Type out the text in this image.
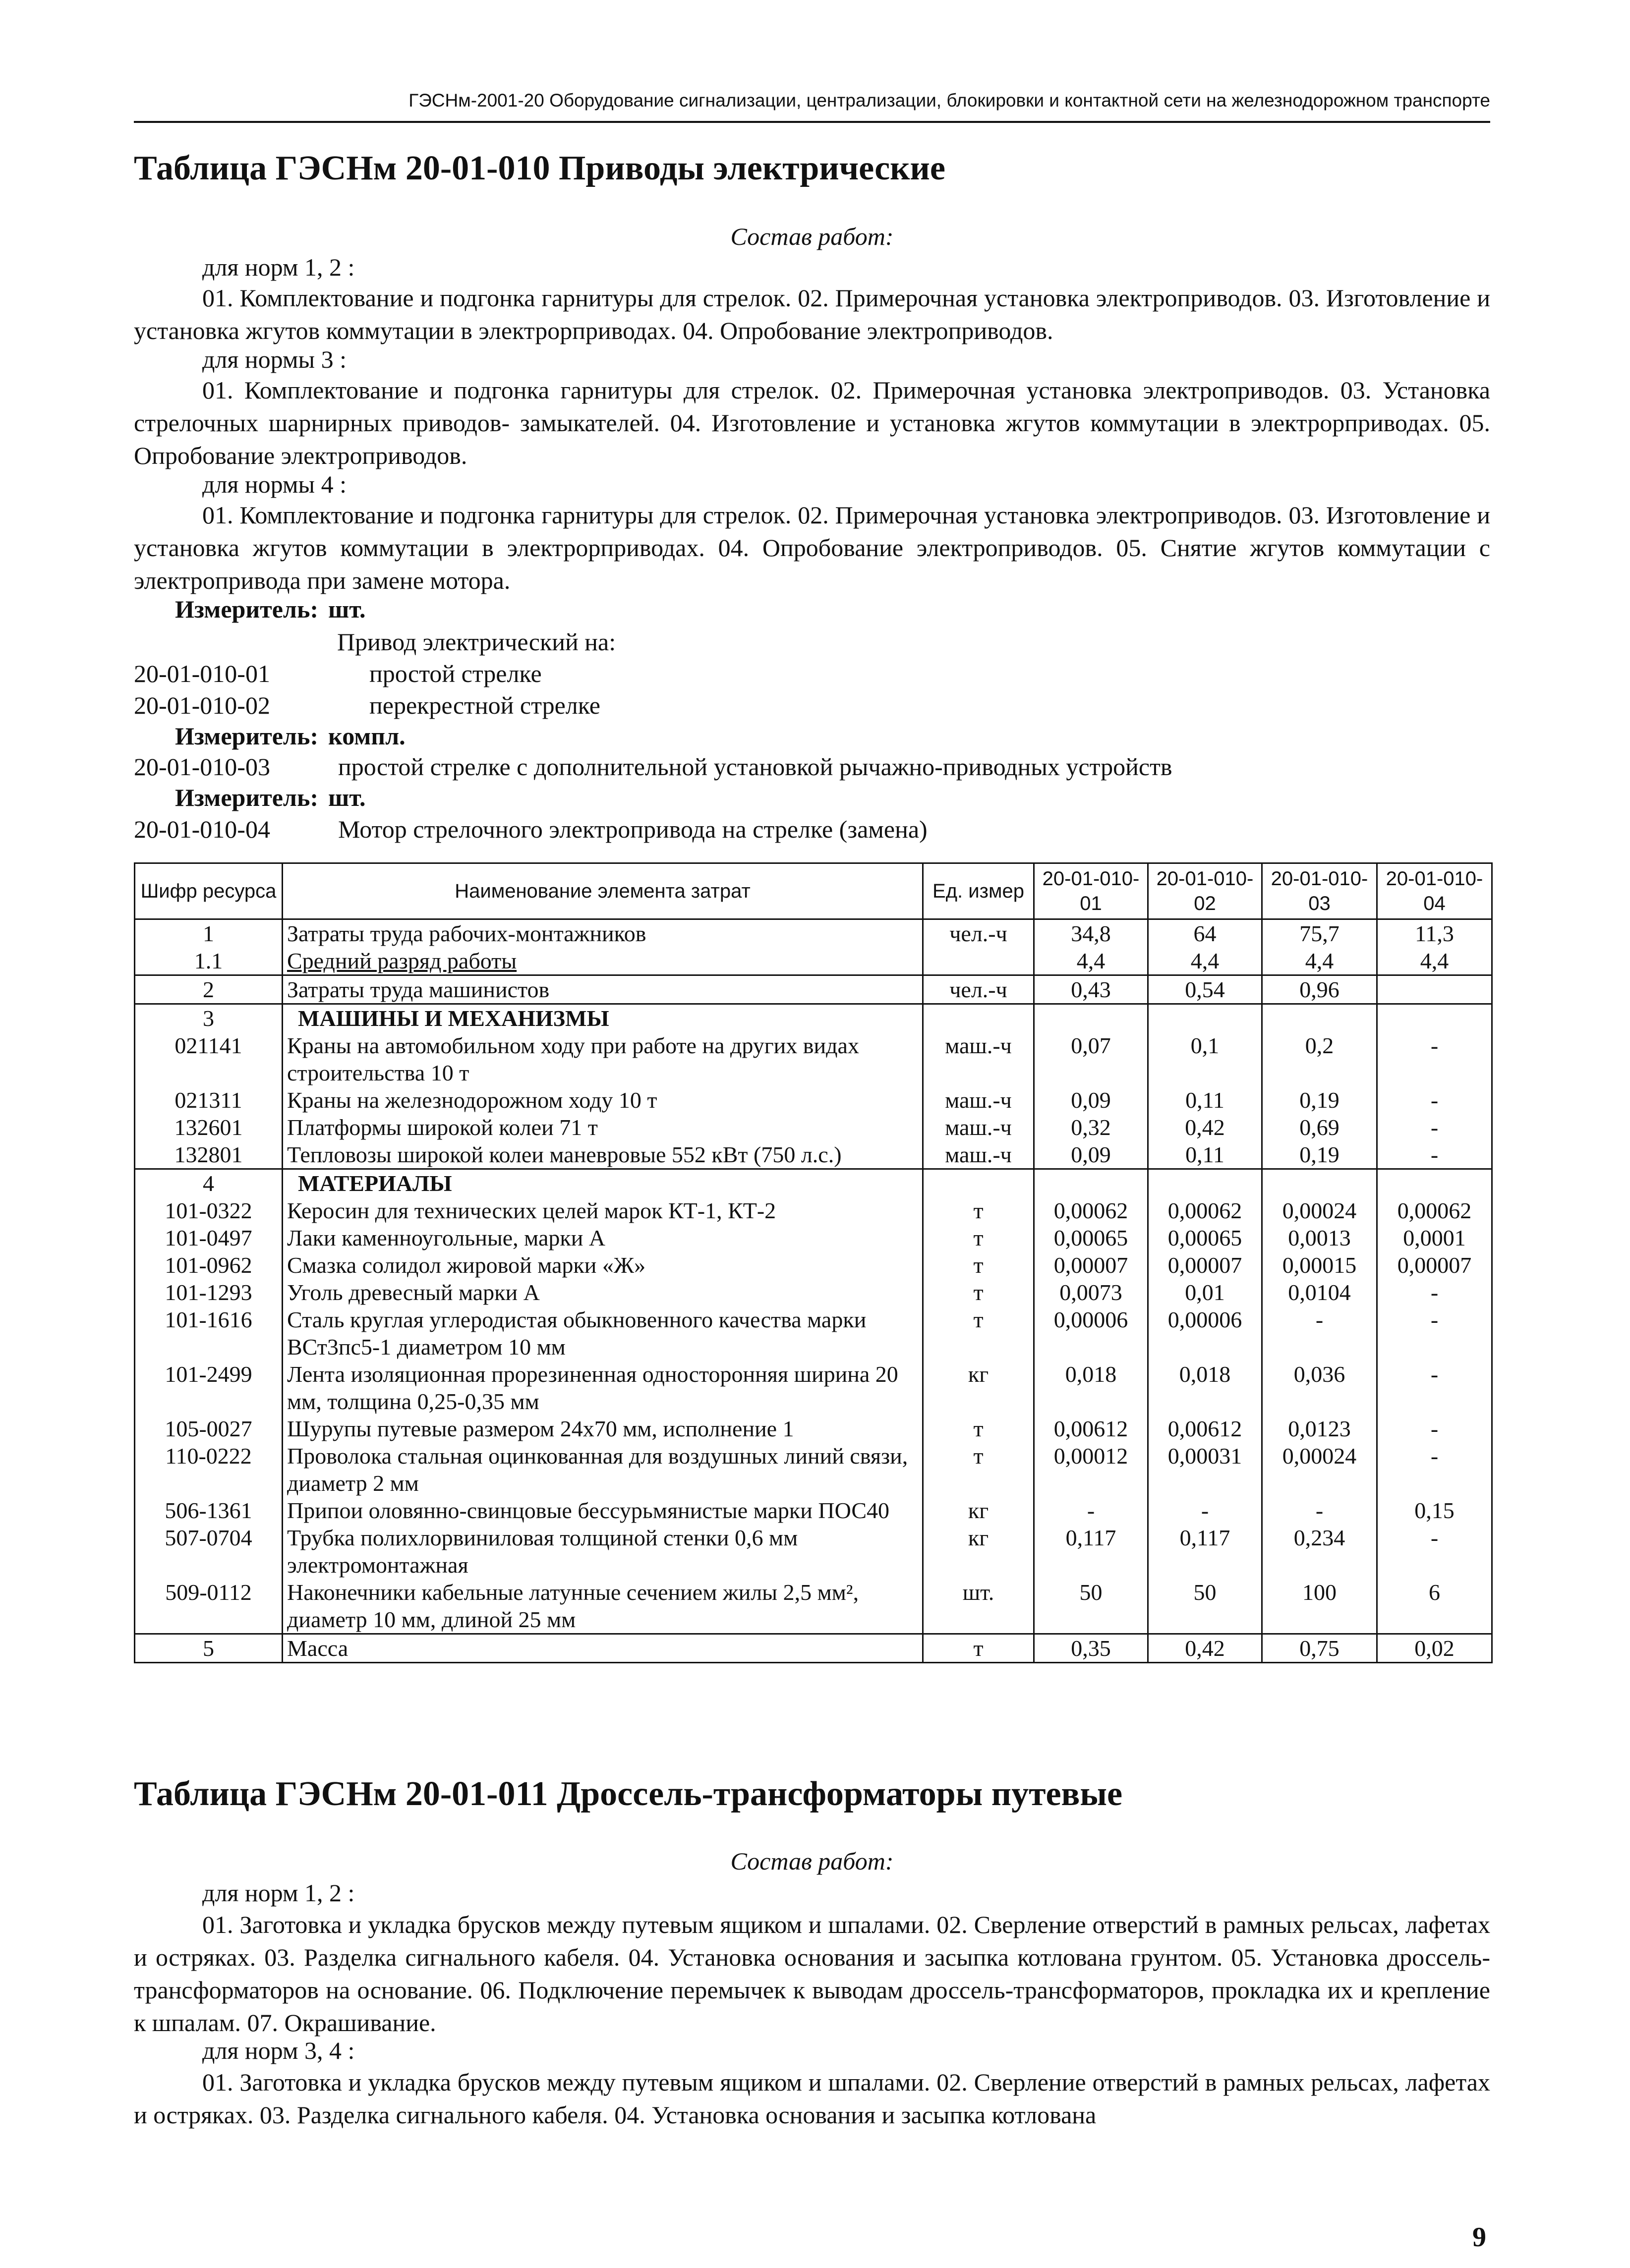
ГЭСНм-2001-20 Оборудование сигнализации, централизации, блокировки и контактной сети на железнодорожном транспорте
Таблица ГЭСНм 20-01-010 Приводы электрические
Состав работ:
для норм 1, 2 :
01. Комплектование и подгонка гарнитуры для стрелок. 02. Примерочная установка электроприводов. 03. Изготовление и установка жгутов коммутации в электрорприводах. 04. Опробование электроприводов.
для нормы 3 :
01. Комплектование и подгонка гарнитуры для стрелок. 02. Примерочная установка электроприводов. 03. Установка стрелочных шарнирных приводов- замыкателей. 04. Изготовление и установка жгутов коммутации в электрорприводах. 05. Опробование электроприводов.
для нормы 4 :
01. Комплектование и подгонка гарнитуры для стрелок. 02. Примерочная установка электроприводов. 03. Изготовление и установка жгутов коммутации в электрорприводах. 04. Опробование электроприводов. 05. Снятие жгутов коммутации с электропривода при замене мотора.
Измеритель: шт.
Привод электрический на:
20-01-010-01	простой стрелке
20-01-010-02	перекрестной стрелке
Измеритель: компл.
20-01-010-03	простой стрелке с дополнительной установкой рычажно-приводных устройств
Измеритель: шт.
20-01-010-04	Мотор стрелочного электропривода на стрелке (замена)
Шифр ресурса	Наименование элемента затрат	Ед. измер	20-01-010-01	20-01-010-02	20-01-010-03	20-01-010-04
1	Затраты труда рабочих-монтажников	чел.-ч	34,8	64	75,7	11,3
1.1	Средний разряд работы		4,4	4,4	4,4	4,4
2	Затраты труда машинистов	чел.-ч	0,43	0,54	0,96	
3	МАШИНЫ И МЕХАНИЗМЫ					
021141	Краны на автомобильном ходу при работе на других видах строительства 10 т	маш.-ч	0,07	0,1	0,2	-
021311	Краны на железнодорожном ходу 10 т	маш.-ч	0,09	0,11	0,19	-
132601	Платформы широкой колеи 71 т	маш.-ч	0,32	0,42	0,69	-
132801	Тепловозы широкой колеи маневровые 552 кВт (750 л.с.)	маш.-ч	0,09	0,11	0,19	-
4	МАТЕРИАЛЫ					
101-0322	Керосин для технических целей марок КТ-1, КТ-2	т	0,00062	0,00062	0,00024	0,00062
101-0497	Лаки каменноугольные, марки А	т	0,00065	0,00065	0,0013	0,0001
101-0962	Смазка солидол жировой марки «Ж»	т	0,00007	0,00007	0,00015	0,00007
101-1293	Уголь древесный марки А	т	0,0073	0,01	0,0104	-
101-1616	Сталь круглая углеродистая обыкновенного качества марки ВСт3пс5-1 диаметром 10 мм	т	0,00006	0,00006	-	-
101-2499	Лента изоляционная прорезиненная односторонняя ширина 20 мм, толщина 0,25-0,35 мм	кг	0,018	0,018	0,036	-
105-0027	Шурупы путевые размером 24х70 мм, исполнение 1	т	0,00612	0,00612	0,0123	-
110-0222	Проволока стальная оцинкованная для воздушных линий связи, диаметр 2 мм	т	0,00012	0,00031	0,00024	-
506-1361	Припои оловянно-свинцовые бессурьмянистые марки ПОС40	кг	-	-	-	0,15
507-0704	Трубка полихлорвиниловая толщиной стенки 0,6 мм электромонтажная	кг	0,117	0,117	0,234	-
509-0112	Наконечники кабельные латунные сечением жилы 2,5 мм², диаметр 10 мм, длиной 25 мм	шт.	50	50	100	6
5	Масса	т	0,35	0,42	0,75	0,02
Таблица ГЭСНм 20-01-011 Дроссель-трансформаторы путевые
Состав работ:
для норм 1, 2 :
01. Заготовка и укладка брусков между путевым ящиком и шпалами. 02. Сверление отверстий в рамных рельсах, лафетах и остряках. 03. Разделка сигнального кабеля. 04. Установка основания и засыпка котлована грунтом. 05. Установка дроссель-трансформаторов на основание. 06. Подключение перемычек к выводам дроссель-трансформаторов, прокладка их и крепление к шпалам. 07. Окрашивание.
для норм 3, 4 :
01. Заготовка и укладка брусков между путевым ящиком и шпалами. 02. Сверление отверстий в рамных рельсах, лафетах и остряках. 03. Разделка сигнального кабеля. 04. Установка основания и засыпка котлована
9
